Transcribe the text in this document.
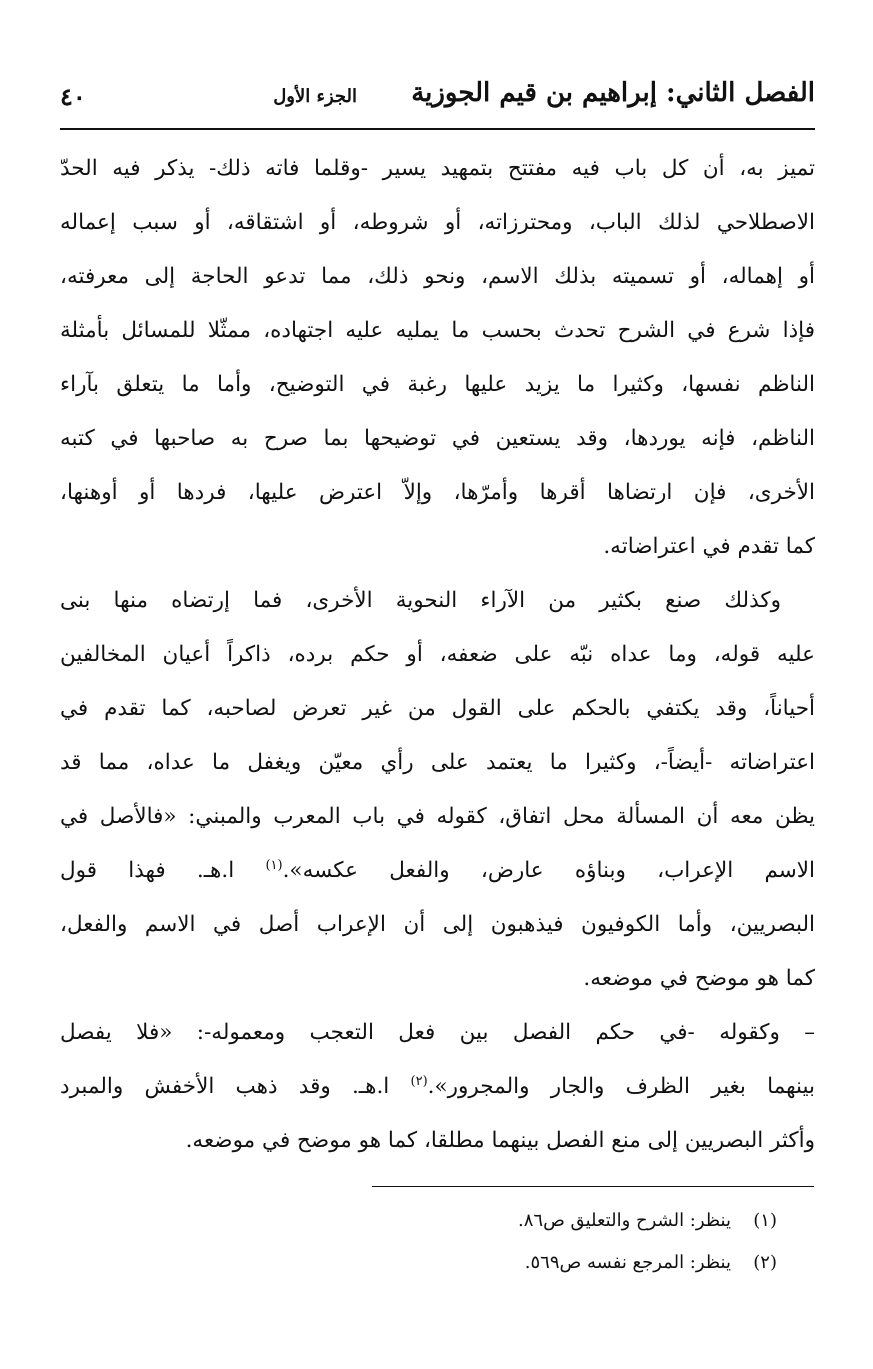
الفصل الثاني: إبراهيم بن قيم الجوزية
الجزء الأول
٤٠
تميز به، أن كل باب فيه مفتتح بتمهيد يسير -وقلما فاته ذلك- يذكر فيه الحدّ
الاصطلاحي لذلك الباب، ومحترزاته، أو شروطه، أو اشتقاقه، أو سبب إعماله
أو إهماله، أو تسميته بذلك الاسم، ونحو ذلك، مما تدعو الحاجة إلى معرفته،
فإذا شرع في الشرح تحدث بحسب ما يمليه عليه اجتهاده، ممثّلا للمسائل بأمثلة
الناظم نفسها، وكثيرا ما يزيد عليها رغبة في التوضيح، وأما ما يتعلق بآراء
الناظم، فإنه يوردها، وقد يستعين في توضيحها بما صرح به صاحبها في كتبه
الأخرى، فإن ارتضاها أقرها وأمرّها، وإلاّ اعترض عليها، فردها أو أوهنها،
كما تقدم في اعتراضاته.
وكذلك صنع بكثير من الآراء النحوية الأخرى، فما إرتضاه منها بنى
عليه قوله، وما عداه نبّه على ضعفه، أو حكم برده، ذاكراً أعيان المخالفين
أحياناً، وقد يكتفي بالحكم على القول من غير تعرض لصاحبه، كما تقدم في
اعتراضاته -أيضاً-، وكثيرا ما يعتمد على رأي معيّن ويغفل ما عداه، مما قد
يظن معه أن المسألة محل اتفاق، كقوله في باب المعرب والمبني: «فالأصل في
الاسم الإعراب، وبناؤه عارض، والفعل عكسه».$^{(١)}$ ا.هـ. فهذا قول
البصريين، وأما الكوفيون فيذهبون إلى أن الإعراب أصل في الاسم والفعل،
كما هو موضح في موضعه.
– وكقوله -في حكم الفصل بين فعل التعجب ومعموله-: «فلا يفصل
بينهما بغير الظرف والجار والمجرور».$^{(٢)}$ ا.هـ. وقد ذهب الأخفش والمبرد
وأكثر البصريين إلى منع الفصل بينهما مطلقا، كما هو موضح في موضعه.
(١)ينظر: الشرح والتعليق ص٨٦.
(٢)ينظر: المرجع نفسه ص٥٦٩.
